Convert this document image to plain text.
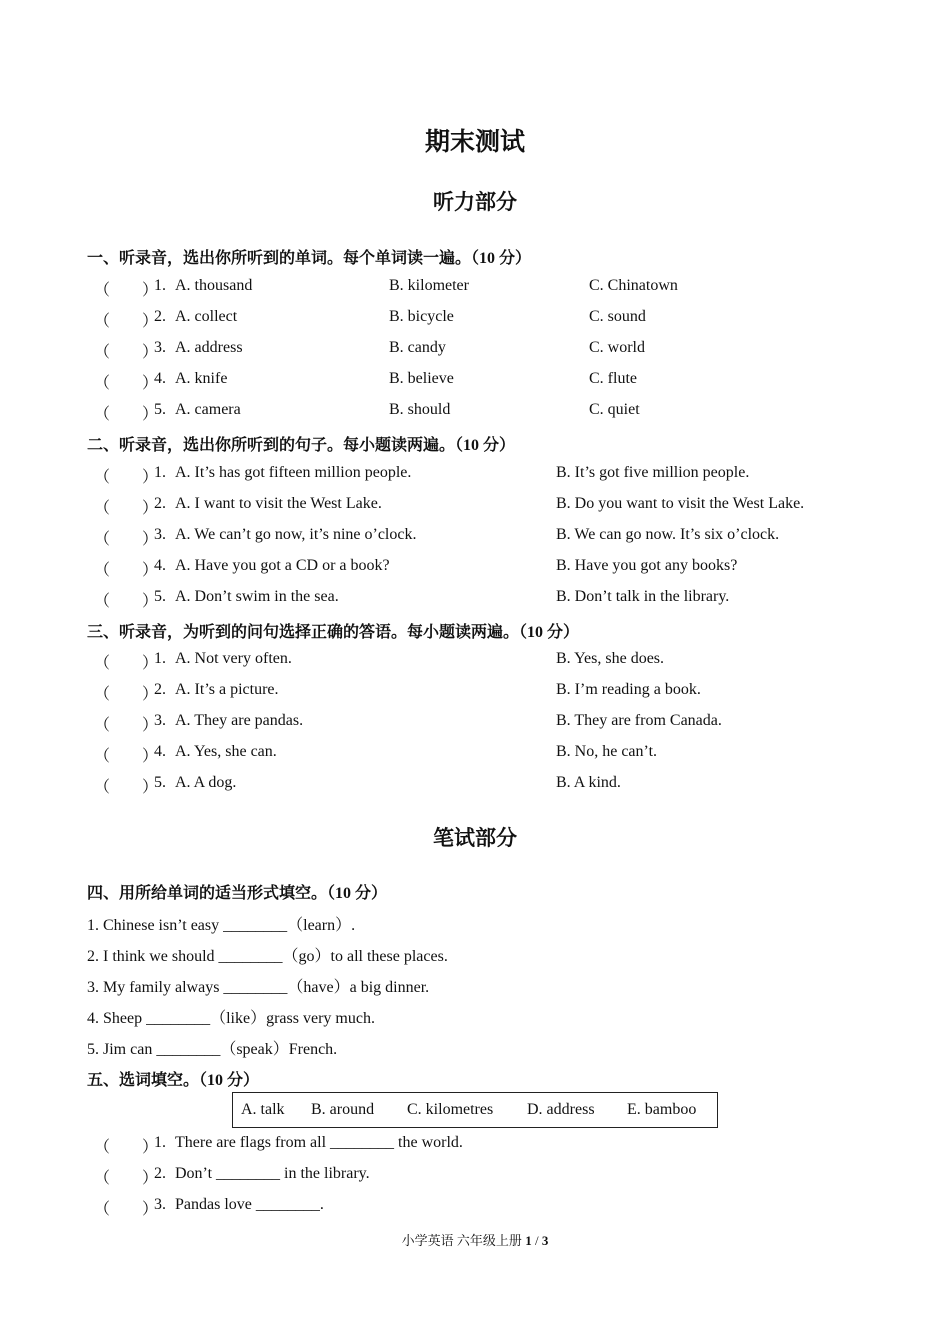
期末测试
听力部分
一、听录音，选出你所听到的单词。每个单词读一遍。（10 分）
（　　）
1. A. thousand	B. kilometer	C. Chinatown
（　　）
2. A. collect	B. bicycle	C. sound
（　　）
3. A. address	B. candy	C. world
（　　）
4. A. knife	B. believe	C. flute
（　　）
5. A. camera	B. should	C. quiet
二、听录音，选出你所听到的句子。每小题读两遍。（10 分）
（　　）
1. A. It’s has got fifteen million people.	B. It’s got five million people.
（　　）
2. A. I want to visit the West Lake.	B. Do you want to visit the West Lake.
（　　）
3. A. We can’t go now, it’s nine o’clock.	B. We can go now. It’s six o’clock.
（　　）
4. A. Have you got a CD or a book?	B. Have you got any books?
（　　）
5. A. Don’t swim in the sea.	B. Don’t talk in the library.
三、听录音，为听到的问句选择正确的答语。每小题读两遍。（10 分）
（　　）
1. A. Not very often.	B. Yes, she does.
（　　）
2. A. It’s a picture.	B. I’m reading a book.
（　　）
3. A. They are pandas.	B. They are from Canada.
（　　）
4. A. Yes, she can.	B. No, he can’t.
（　　）
5. A. A dog.	B. A kind.
笔试部分
四、用所给单词的适当形式填空。（10 分）
1. Chinese isn’t easy ________（learn）.
2. I think we should ________（go）to all these places.
3. My family always ________（have）a big dinner.
4. Sheep ________（like）grass very much.
5. Jim can ________（speak）French.
五、选词填空。（10 分）
A. talk B. around C. kilometres D. address E. bamboo
（　　）
1. There are flags from all ________ the world.
（　　）
2. Don’t ________ in the library.
（　　）
3. Pandas love ________.
小学英语 六年级上册 1 / 3
